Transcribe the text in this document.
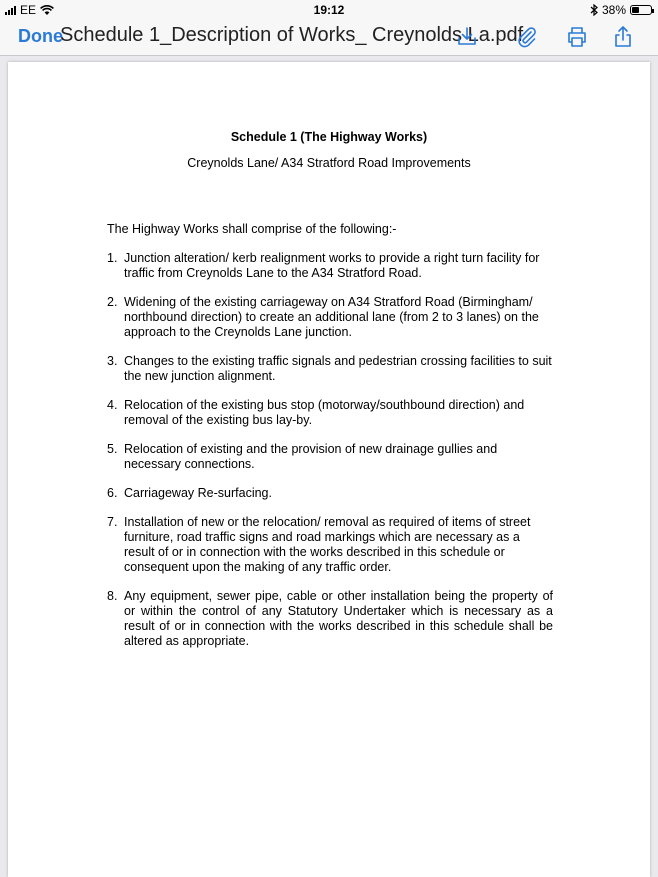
EE	19:12	38%
Done
Schedule 1_Description of Works_ Creynolds La.pdf
Schedule 1 (The Highway Works)
Creynolds Lane/ A34 Stratford Road Improvements
The Highway Works shall comprise of the following:-
1. Junction alteration/ kerb realignment works to provide a right turn facility for traffic from Creynolds Lane to the A34 Stratford Road.
2. Widening of the existing carriageway on A34 Stratford Road (Birmingham/ northbound direction) to create an additional lane (from 2 to 3 lanes) on the approach to the Creynolds Lane junction.
3. Changes to the existing traffic signals and pedestrian crossing facilities to suit the new junction alignment.
4. Relocation of the existing bus stop (motorway/southbound direction) and removal of the existing bus lay-by.
5. Relocation of existing and the provision of new drainage gullies and necessary connections.
6. Carriageway Re-surfacing.
7. Installation of new or the relocation/ removal as required of items of street furniture, road traffic signs and road markings which are necessary as a result of or in connection with the works described in this schedule or consequent upon the making of any traffic order.
8. Any equipment, sewer pipe, cable or other installation being the property of or within the control of any Statutory Undertaker which is necessary as a result of or in connection with the works described in this schedule shall be altered as appropriate.
